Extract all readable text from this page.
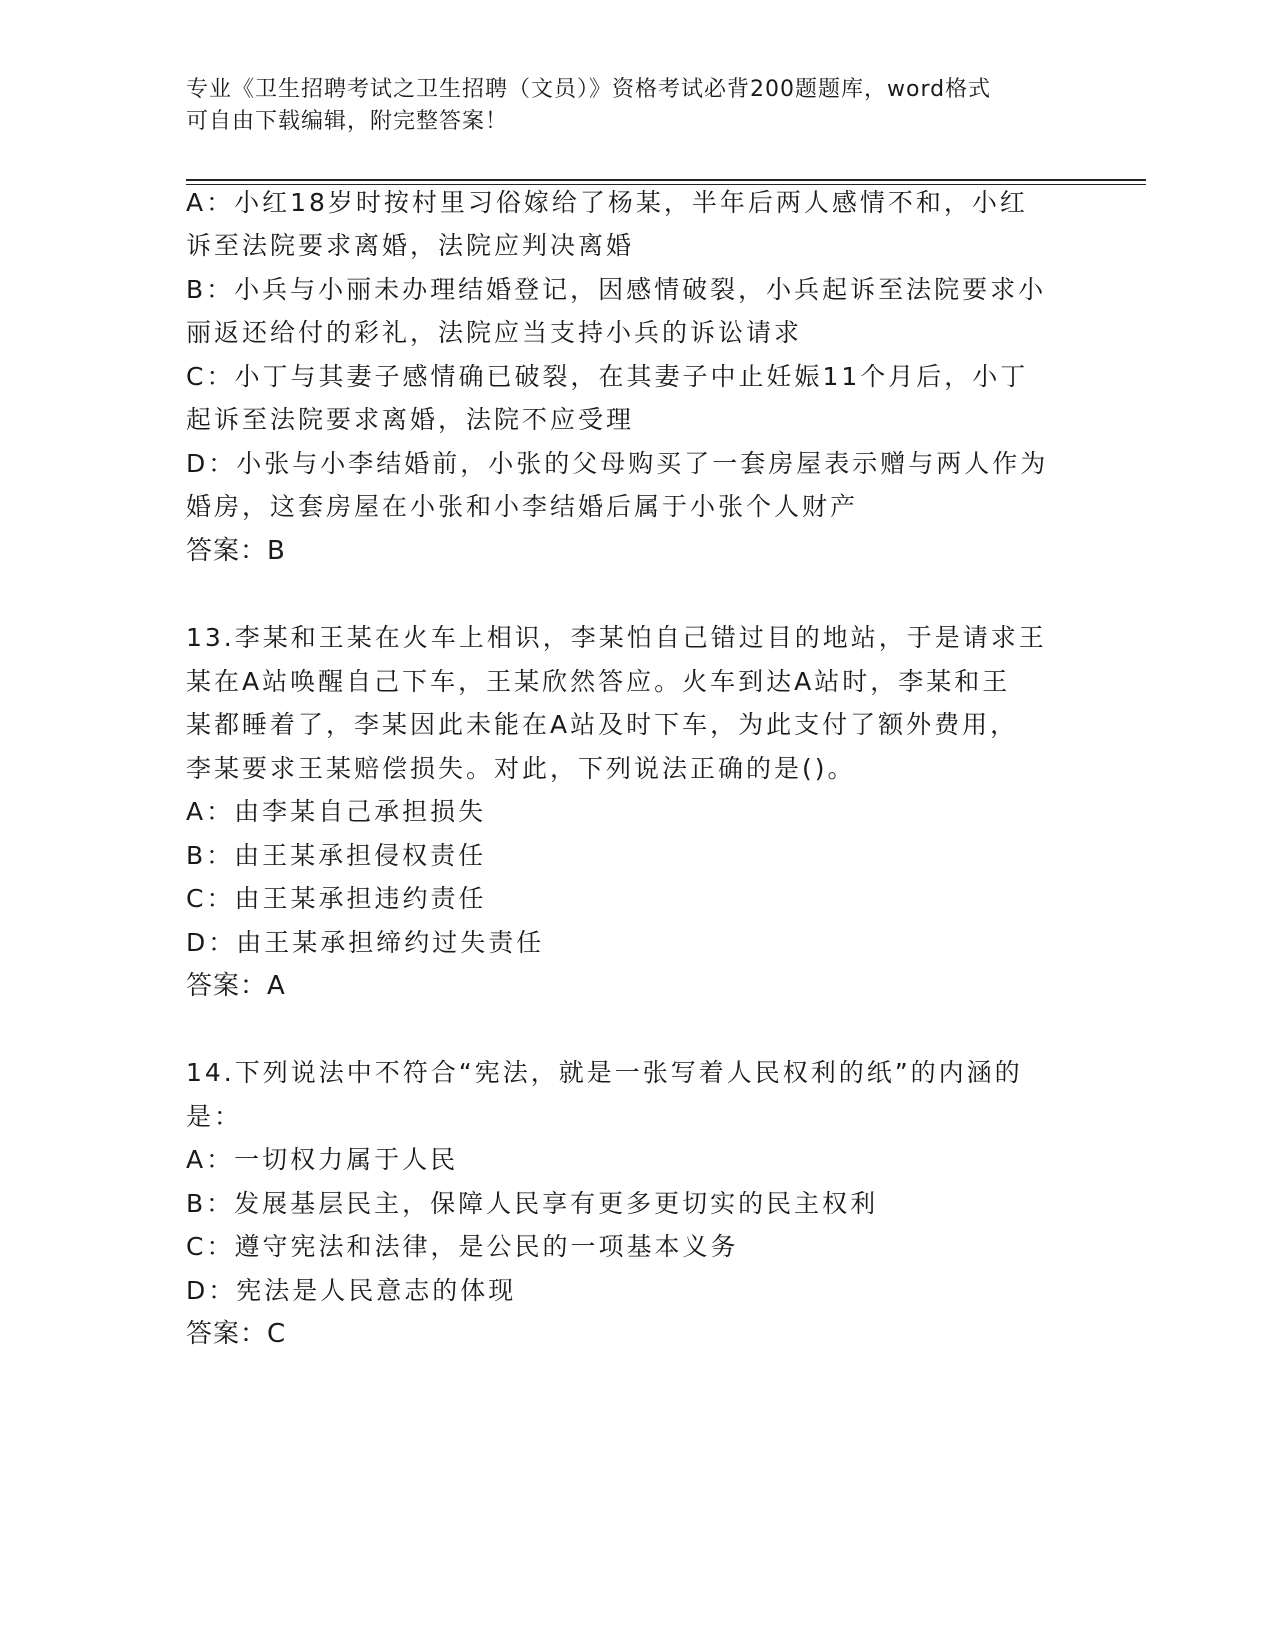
专业《卫生招聘考试之卫生招聘（文员）》资格考试必背200题题库，word格式
可自由下载编辑，附完整答案！
A：小红18岁时按村里习俗嫁给了杨某，半年后两人感情不和，小红
诉至法院要求离婚，法院应判决离婚
B：小兵与小丽未办理结婚登记，因感情破裂，小兵起诉至法院要求小
丽返还给付的彩礼，法院应当支持小兵的诉讼请求
C：小丁与其妻子感情确已破裂，在其妻子中止妊娠11个月后，小丁
起诉至法院要求离婚，法院不应受理
D：小张与小李结婚前，小张的父母购买了一套房屋表示赠与两人作为
婚房，这套房屋在小张和小李结婚后属于小张个人财产
答案：B
13.李某和王某在火车上相识，李某怕自己错过目的地站，于是请求王
某在A站唤醒自己下车，王某欣然答应。火车到达A站时，李某和王
某都睡着了，李某因此未能在A站及时下车，为此支付了额外费用，
李某要求王某赔偿损失。对此，下列说法正确的是()。
A：由李某自己承担损失
B：由王某承担侵权责任
C：由王某承担违约责任
D：由王某承担缔约过失责任
答案：A
14.下列说法中不符合“宪法，就是一张写着人民权利的纸”的内涵的
是：
A：一切权力属于人民
B：发展基层民主，保障人民享有更多更切实的民主权利
C：遵守宪法和法律，是公民的一项基本义务
D：宪法是人民意志的体现
答案：C
